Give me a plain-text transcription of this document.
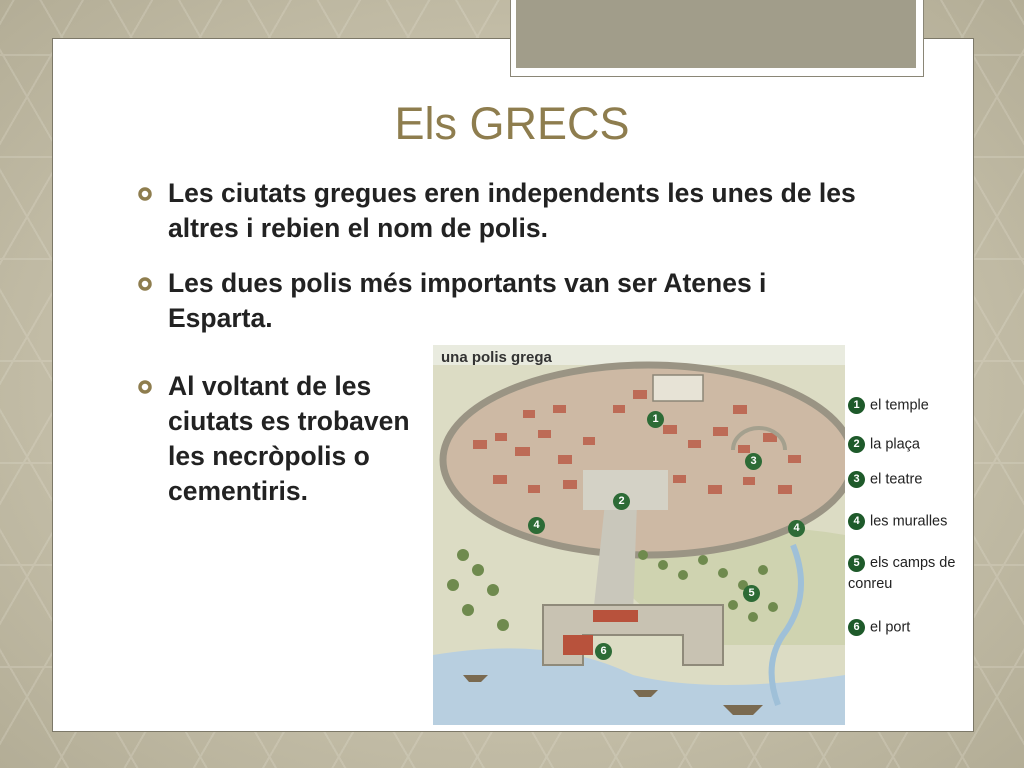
Els GRECS
Les ciutats gregues eren independents les unes de les altres i rebien el nom de polis.
Les dues polis més importants van ser Atenes i Esparta.
Al voltant de les ciutats es trobaven les necròpolis o cementiris.
1
2
3
4	4
5
6
una polis grega
1 el temple
2 la plaça
3 el teatre
4 les muralles
5 els camps de conreu
6 el port
